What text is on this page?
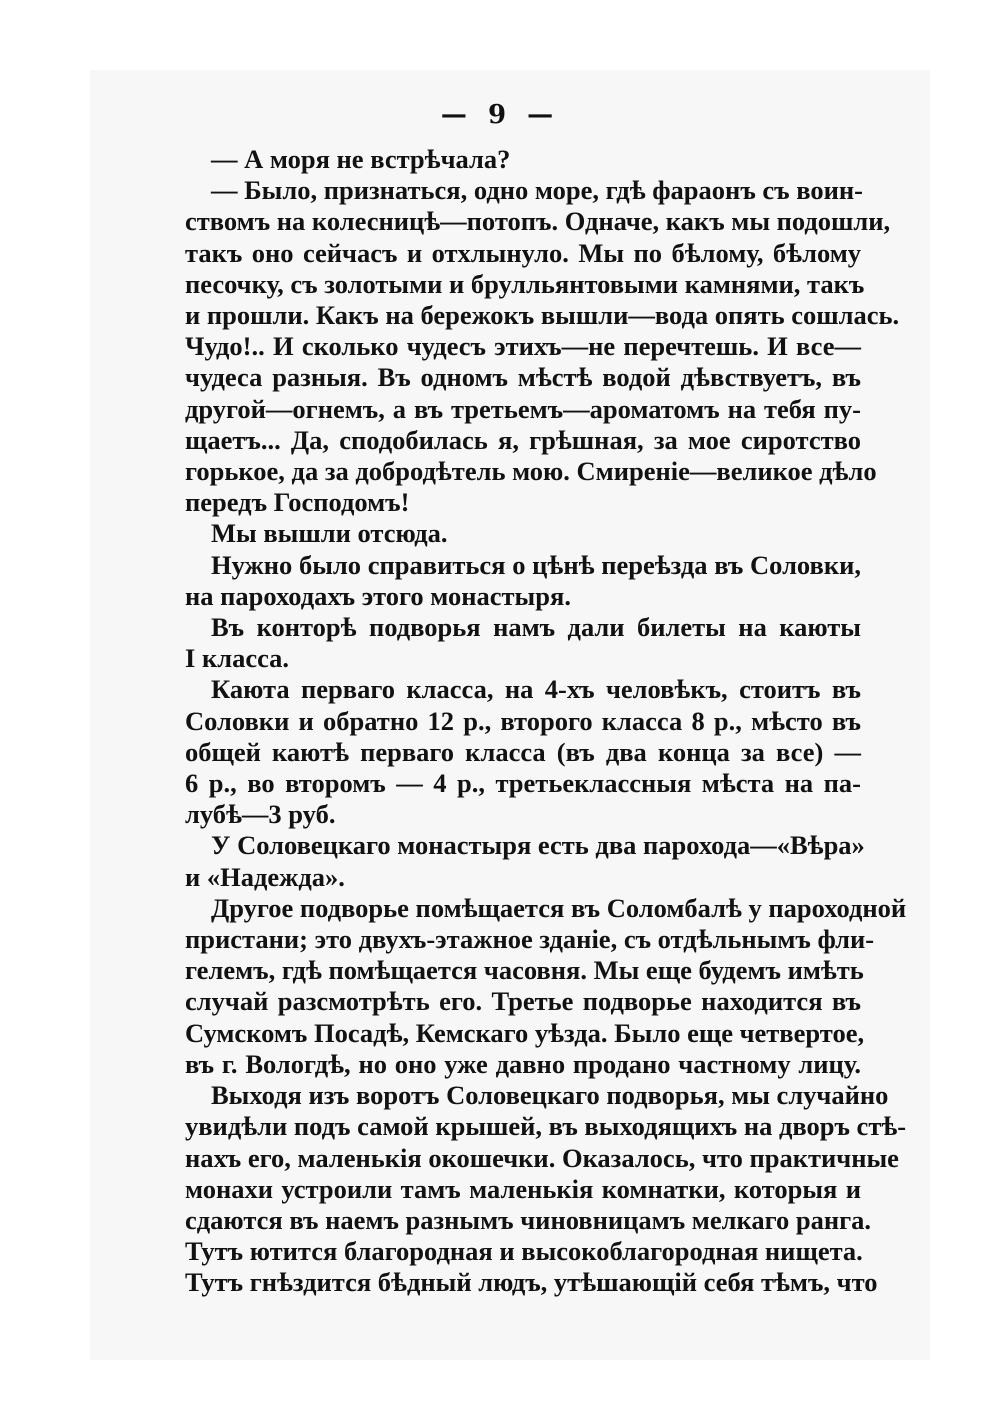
— 9 —
— А моря не встрѣчала?
— Было, признаться, одно море, гдѣ фараонъ съ воин-
ствомъ на колесницѣ—потопъ. Одначе, какъ мы подошли,
такъ оно сейчасъ и отхлынуло. Мы по бѣлому, бѣлому
песочку, съ золотыми и брулльянтовыми камнями, такъ
и прошли. Какъ на бережокъ вышли—вода опять сошлась.
Чудо!.. И сколько чудесъ этихъ—не перечтешь. И все—
чудеса разныя. Въ одномъ мѣстѣ водой дѣвствуетъ, въ
другой—огнемъ, а въ третьемъ—ароматомъ на тебя пу-
щаетъ... Да, сподобилась я, грѣшная, за мое сиротство
горькое, да за добродѣтель мою. Смиреніе—великое дѣло
передъ Господомъ!
Мы вышли отсюда.
Нужно было справиться о цѣнѣ переѣзда въ Соловки,
на пароходахъ этого монастыря.
Въ конторѣ подворья намъ дали билеты на каюты
I класса.
Каюта перваго класса, на 4-хъ человѣкъ, стоитъ въ
Соловки и обратно 12 р., второго класса 8 р., мѣсто въ
общей каютѣ перваго класса (въ два конца за все) —
6 р., во второмъ — 4 р., третьеклассныя мѣста на па-
лубѣ—3 руб.
У Соловецкаго монастыря есть два парохода—«Вѣра»
и «Надежда».
Другое подворье помѣщается въ Соломбалѣ у пароходной
пристани; это двухъ-этажное зданіе, съ отдѣльнымъ фли-
гелемъ, гдѣ помѣщается часовня. Мы еще будемъ имѣть
случай разсмотрѣть его. Третье подворье находится въ
Сумскомъ Посадѣ, Кемскаго уѣзда. Было еще четвертое,
въ г. Вологдѣ, но оно уже давно продано частному лицу.
Выходя изъ воротъ Соловецкаго подворья, мы случайно
увидѣли подъ самой крышей, въ выходящихъ на дворъ стѣ-
нахъ его, маленькія окошечки. Оказалось, что практичные
монахи устроили тамъ маленькія комнатки, которыя и
сдаются въ наемъ разнымъ чиновницамъ мелкаго ранга.
Тутъ ютится благородная и высокоблагородная нищета.
Тутъ гнѣздится бѣдный людъ, утѣшающій себя тѣмъ, что
